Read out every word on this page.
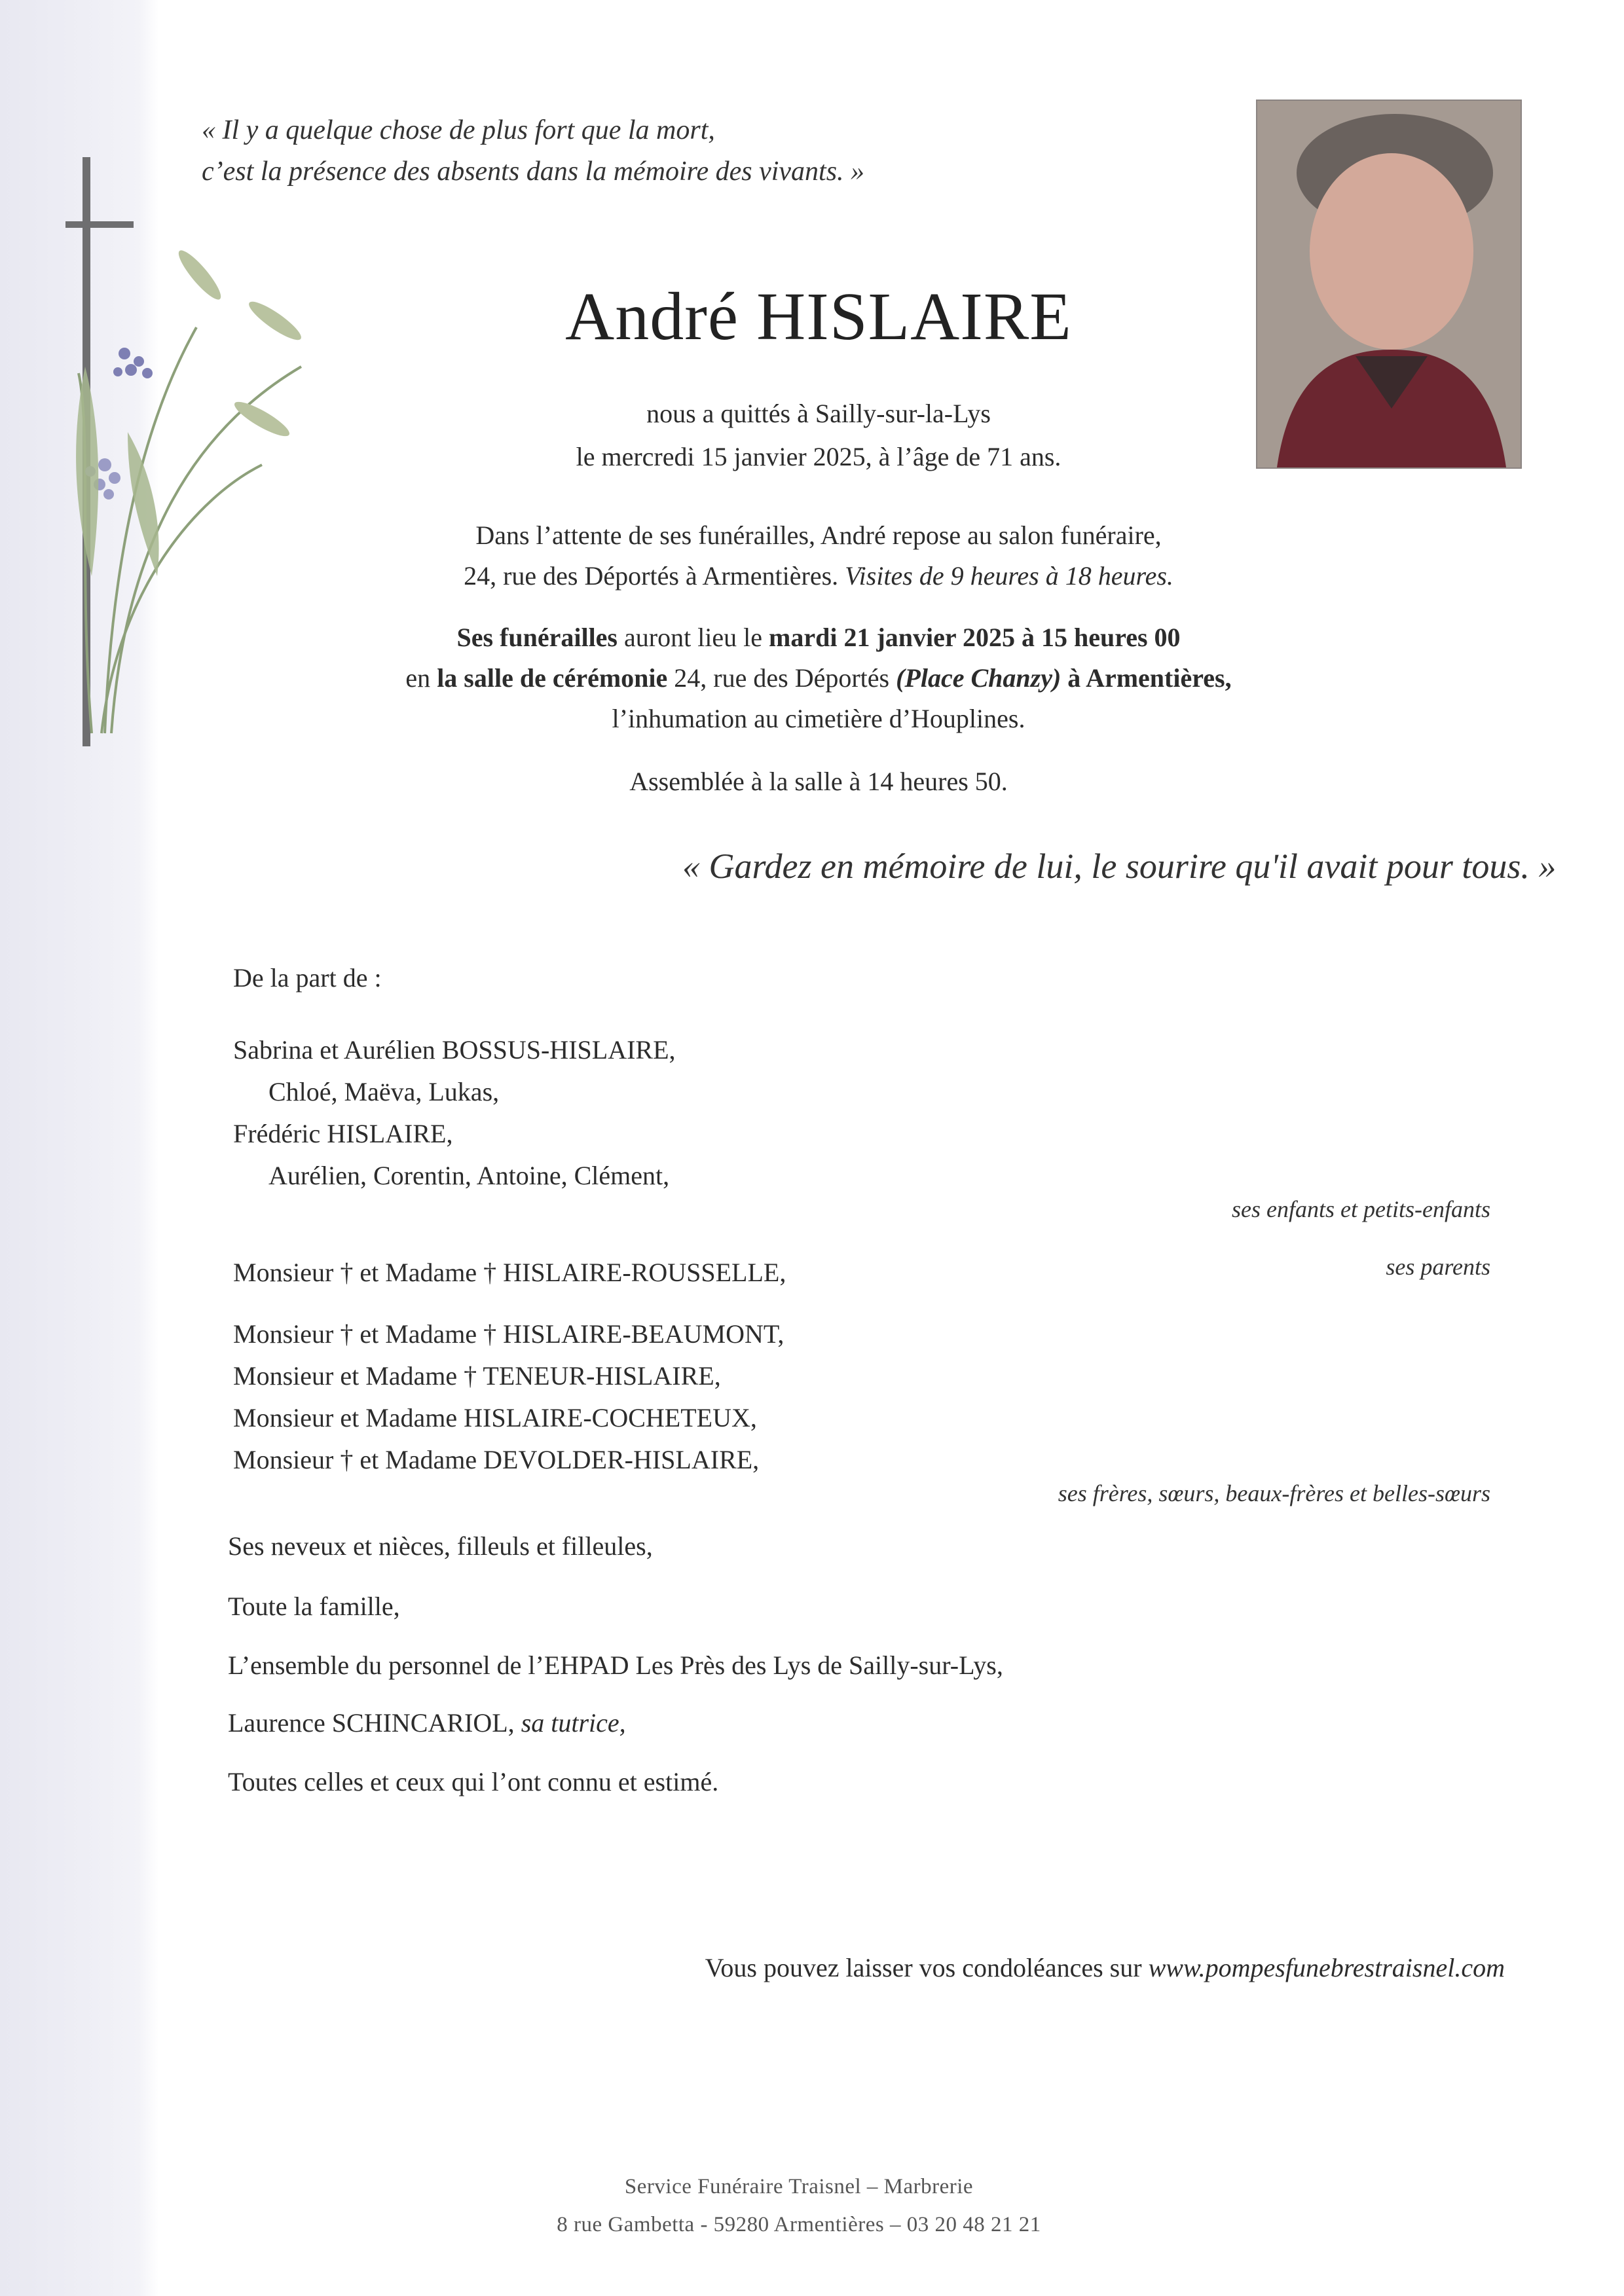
« Il y a quelque chose de plus fort que la mort,
c’est la présence des absents dans la mémoire des vivants. »
André HISLAIRE
nous a quittés à Sailly-sur-la-Lys
le mercredi 15 janvier 2025, à l’âge de 71 ans.
Dans l’attente de ses funérailles, André repose au salon funéraire,
24, rue des Déportés à Armentières. Visites de 9 heures à 18 heures.
Ses funérailles auront lieu le mardi 21 janvier 2025 à 15 heures 00
en la salle de cérémonie 24, rue des Déportés (Place Chanzy) à Armentières,
l’inhumation au cimetière d’Houplines.
Assemblée à la salle à 14 heures 50.
« Gardez en mémoire de lui, le sourire qu'il avait pour tous. »
De la part de :
Sabrina et Aurélien BOSSUS-HISLAIRE,
Chloé, Maëva, Lukas,
Frédéric HISLAIRE,
Aurélien, Corentin, Antoine, Clément,
ses enfants et petits-enfants
Monsieur † et Madame † HISLAIRE-ROUSSELLE,	ses parents
Monsieur † et Madame † HISLAIRE-BEAUMONT,
Monsieur et Madame † TENEUR-HISLAIRE,
Monsieur et Madame HISLAIRE-COCHETEUX,
Monsieur † et Madame DEVOLDER-HISLAIRE,
ses frères, sœurs, beaux-frères et belles-sœurs
Ses neveux et nièces, filleuls et filleules,
Toute la famille,
L’ensemble du personnel de l’EHPAD Les Près des Lys de Sailly-sur-Lys,
Laurence SCHINCARIOL, sa tutrice,
Toutes celles et ceux qui l’ont connu et estimé.
Vous pouvez laisser vos condoléances sur www.pompesfunebrestraisnel.com
Service Funéraire Traisnel – Marbrerie
8 rue Gambetta - 59280 Armentières – 03 20 48 21 21
